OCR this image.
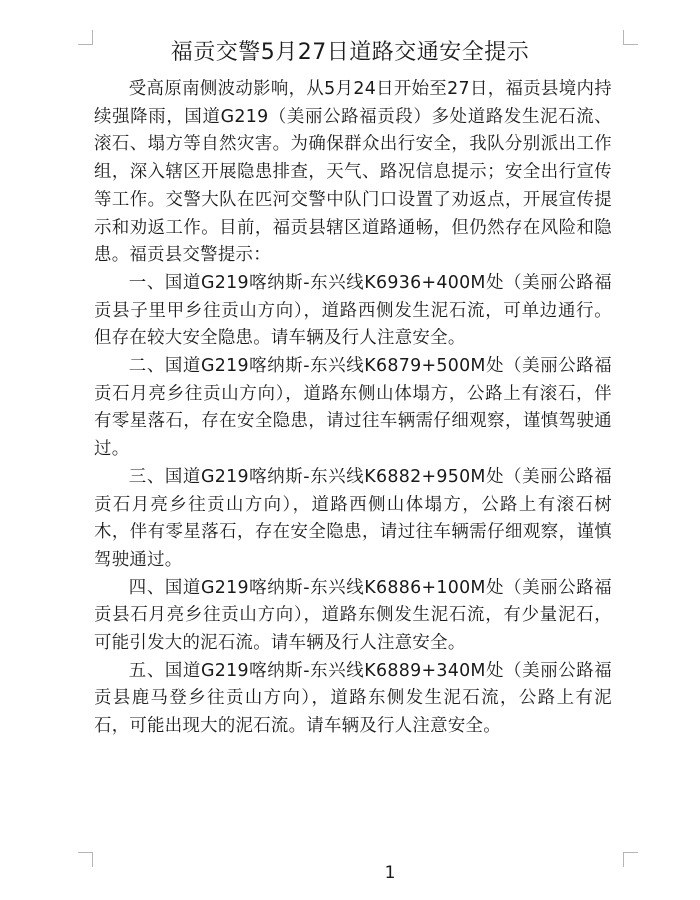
福贡交警5月27日道路交通安全提示

受高原南侧波动影响，从5月24日开始至27日，福贡县境内持续强降雨，国道G219（美丽公路福贡段）多处道路发生泥石流、滚石、塌方等自然灾害。为确保群众出行安全，我队分别派出工作组，深入辖区开展隐患排查，天气、路况信息提示；安全出行宣传等工作。交警大队在匹河交警中队门口设置了劝返点，开展宣传提示和劝返工作。目前，福贡县辖区道路通畅，但仍然存在风险和隐患。福贡县交警提示：

一、国道G219喀纳斯-东兴线K6936+400M处（美丽公路福贡县子里甲乡往贡山方向），道路西侧发生泥石流，可单边通行。但存在较大安全隐患。请车辆及行人注意安全。

二、国道G219喀纳斯-东兴线K6879+500M处（美丽公路福贡石月亮乡往贡山方向），道路东侧山体塌方，公路上有滚石，伴有零星落石，存在安全隐患，请过往车辆需仔细观察，谨慎驾驶通过。

三、国道G219喀纳斯-东兴线K6882+950M处（美丽公路福贡石月亮乡往贡山方向），道路西侧山体塌方，公路上有滚石树木，伴有零星落石，存在安全隐患，请过往车辆需仔细观察，谨慎驾驶通过。

四、国道G219喀纳斯-东兴线K6886+100M处（美丽公路福贡县石月亮乡往贡山方向），道路东侧发生泥石流，有少量泥石，可能引发大的泥石流。请车辆及行人注意安全。

五、国道G219喀纳斯-东兴线K6889+340M处（美丽公路福贡县鹿马登乡往贡山方向），道路东侧发生泥石流，公路上有泥石，可能出现大的泥石流。请车辆及行人注意安全。

1
